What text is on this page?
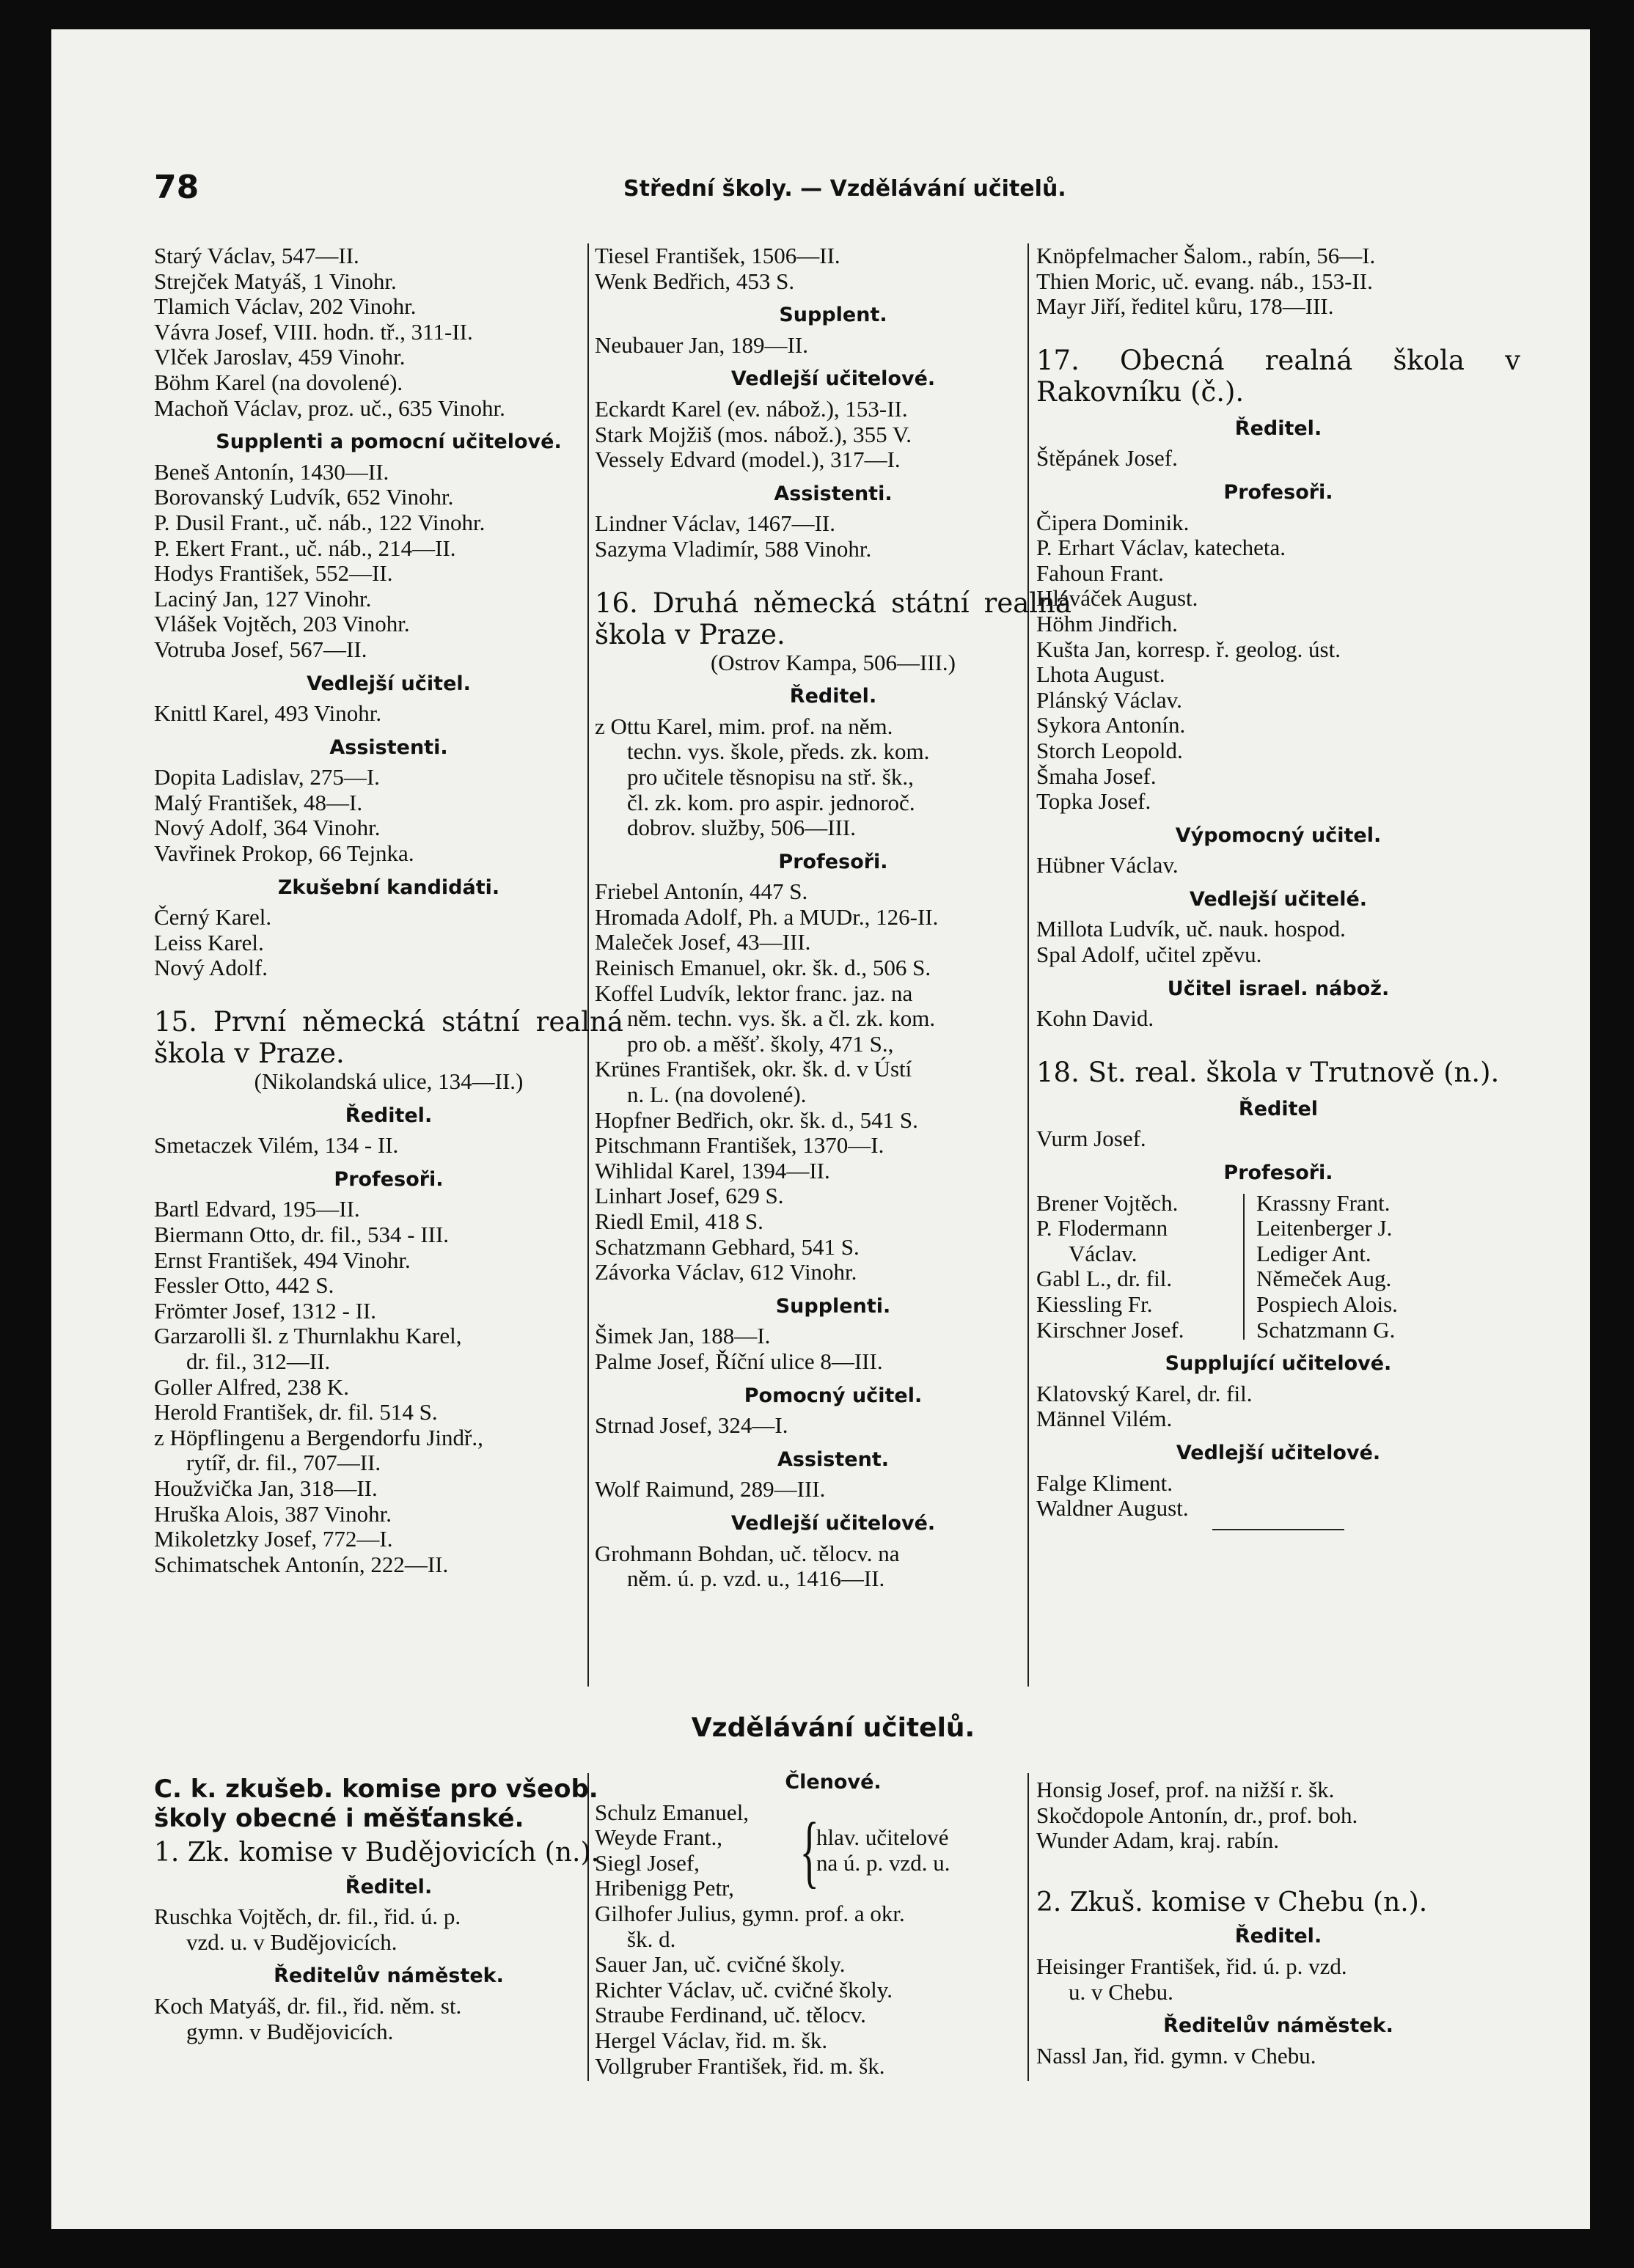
78	Střední školy. — Vzdělávání učitelů.
Starý Václav, 547—II.
Strejček Matyáš, 1 Vinohr.
Tlamich Václav, 202 Vinohr.
Vávra Josef, VIII. hodn. tř., 311-II.
Vlček Jaroslav, 459 Vinohr.
Böhm Karel (na dovolené).
Machoň Václav, proz. uč., 635 Vinohr.
Supplenti a pomocní učitelové.
Beneš Antonín, 1430—II.
Borovanský Ludvík, 652 Vinohr.
P. Dusil Frant., uč. náb., 122 Vinohr.
P. Ekert Frant., uč. náb., 214—II.
Hodys František, 552—II.
Laciný Jan, 127 Vinohr.
Vlášek Vojtěch, 203 Vinohr.
Votruba Josef, 567—II.
Vedlejší učitel.
Knittl Karel, 493 Vinohr.
Assistenti.
Dopita Ladislav, 275—I.
Malý František, 48—I.
Nový Adolf, 364 Vinohr.
Vavřinek Prokop, 66 Tejnka.
Zkušební kandidáti.
Černý Karel.
Leiss Karel.
Nový Adolf.
15. První německá státní realná škola v Praze.
(Nikolandská ulice, 134—II.)
Ředitel.
Smetaczek Vilém, 134 - II.
Profesoři.
Bartl Edvard, 195—II.
Biermann Otto, dr. fil., 534 - III.
Ernst František, 494 Vinohr.
Fessler Otto, 442 S.
Frömter Josef, 1312 - II.
Garzarolli šl. z Thurnlakhu Karel,
dr. fil., 312—II.
Goller Alfred, 238 K.
Herold František, dr. fil. 514 S.
z Höpflingenu a Bergendorfu Jindř.,
rytíř, dr. fil., 707—II.
Houžvička Jan, 318—II.
Hruška Alois, 387 Vinohr.
Mikoletzky Josef, 772—I.
Schimatschek Antonín, 222—II.
Tiesel František, 1506—II.
Wenk Bedřich, 453 S.
Supplent.
Neubauer Jan, 189—II.
Vedlejší učitelové.
Eckardt Karel (ev. nábož.), 153-II.
Stark Mojžiš (mos. nábož.), 355 V.
Vessely Edvard (model.), 317—I.
Assistenti.
Lindner Václav, 1467—II.
Sazyma Vladimír, 588 Vinohr.
16. Druhá německá státní realná škola v Praze.
(Ostrov Kampa, 506—III.)
Ředitel.
z Ottu Karel, mim. prof. na něm.
techn. vys. škole, předs. zk. kom.
pro učitele těsnopisu na stř. šk.,
čl. zk. kom. pro aspir. jednoroč.
dobrov. služby, 506—III.
Profesoři.
Friebel Antonín, 447 S.
Hromada Adolf, Ph. a MUDr., 126-II.
Maleček Josef, 43—III.
Reinisch Emanuel, okr. šk. d., 506 S.
Koffel Ludvík, lektor franc. jaz. na
něm. techn. vys. šk. a čl. zk. kom.
pro ob. a měšť. školy, 471 S.,
Krünes František, okr. šk. d. v Ústí
n. L. (na dovolené).
Hopfner Bedřich, okr. šk. d., 541 S.
Pitschmann František, 1370—I.
Wihlidal Karel, 1394—II.
Linhart Josef, 629 S.
Riedl Emil, 418 S.
Schatzmann Gebhard, 541 S.
Závorka Václav, 612 Vinohr.
Supplenti.
Šimek Jan, 188—I.
Palme Josef, Říční ulice 8—III.
Pomocný učitel.
Strnad Josef, 324—I.
Assistent.
Wolf Raimund, 289—III.
Vedlejší učitelové.
Grohmann Bohdan, uč. tělocv. na
něm. ú. p. vzd. u., 1416—II.
Knöpfelmacher Šalom., rabín, 56—I.
Thien Moric, uč. evang. náb., 153-II.
Mayr Jiří, ředitel kůru, 178—III.
17. Obecná realná škola v Rakovníku (č.).
Ředitel.
Štěpánek Josef.
Profesoři.
Čipera Dominik.
P. Erhart Václav, katecheta.
Fahoun Frant.
Hlaváček August.
Höhm Jindřich.
Kušta Jan, korresp. ř. geolog. úst.
Lhota August.
Plánský Václav.
Sykora Antonín.
Storch Leopold.
Šmaha Josef.
Topka Josef.
Výpomocný učitel.
Hübner Václav.
Vedlejší učitelé.
Millota Ludvík, uč. nauk. hospod.
Spal Adolf, učitel zpěvu.
Učitel israel. nábož.
Kohn David.
18. St. real. škola v Trutnově (n.).
Ředitel
Vurm Josef.
Profesoři.
Brener Vojtěch.
P. Flodermann
Václav.
Gabl L., dr. fil.
Kiessling Fr.
Kirschner Josef.
Krassny Frant.
Leitenberger J.
Lediger Ant.
Němeček Aug.
Pospiech Alois.
Schatzmann G.
Supplující učitelové.
Klatovský Karel, dr. fil.
Männel Vilém.
Vedlejší učitelové.
Falge Kliment.
Waldner August.
Vzdělávání učitelů.
C. k. zkušeb. komise pro všeob. školy obecné i měšťanské.
1. Zk. komise v Budějovicích (n.).
Ředitel.
Ruschka Vojtěch, dr. fil., řid. ú. p.
vzd. u. v Budějovicích.
Ředitelův náměstek.
Koch Matyáš, dr. fil., řid. něm. st.
gymn. v Budějovicích.
Členové.
Schulz Emanuel,
Weyde Frant.,
Siegl Josef,
Hribenigg Petr, {
hlav. učitelové
na ú. p. vzd. u.
Gilhofer Julius, gymn. prof. a okr.
šk. d.
Sauer Jan, uč. cvičné školy.
Richter Václav, uč. cvičné školy.
Straube Ferdinand, uč. tělocv.
Hergel Václav, řid. m. šk.
Vollgruber František, řid. m. šk.
Honsig Josef, prof. na nižší r. šk.
Skočdopole Antonín, dr., prof. boh.
Wunder Adam, kraj. rabín.
2. Zkuš. komise v Chebu (n.).
Ředitel.
Heisinger František, řid. ú. p. vzd.
u. v Chebu.
Ředitelův náměstek.
Nassl Jan, řid. gymn. v Chebu.
